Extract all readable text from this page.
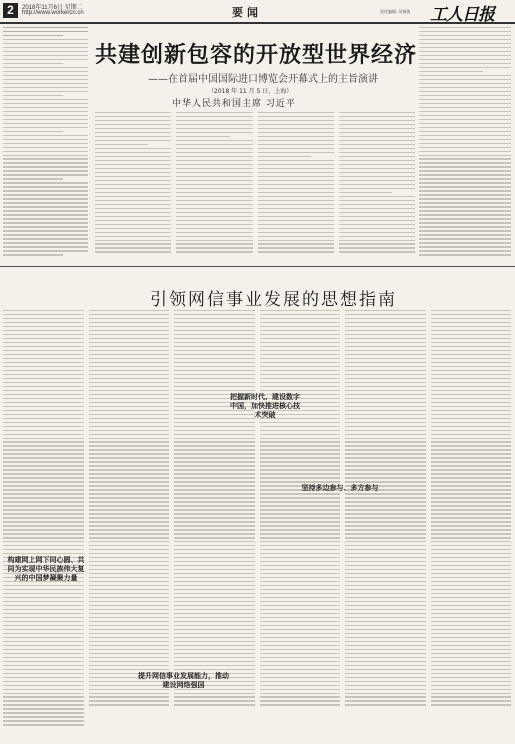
2	2018年11月6日 星期二
http://www.workercn.cn	要闻	责任编辑: 吴杨骏 工人日报
共建创新包容的开放型世界经济
——在首届中国国际进口博览会开幕式上的主旨演讲
（2018 年 11 月 5 日，上海）
中华人民共和国主席 习近平
引领网信事业发展的思想指南
构建网上网下同心圆、共同为实现中华民族伟大复兴的中国梦凝聚力量
把握新时代、建设数字中国，加快推进核心技术突破
坚持多边参与、多方参与
提升网信事业发展能力，推动建设网络强国
